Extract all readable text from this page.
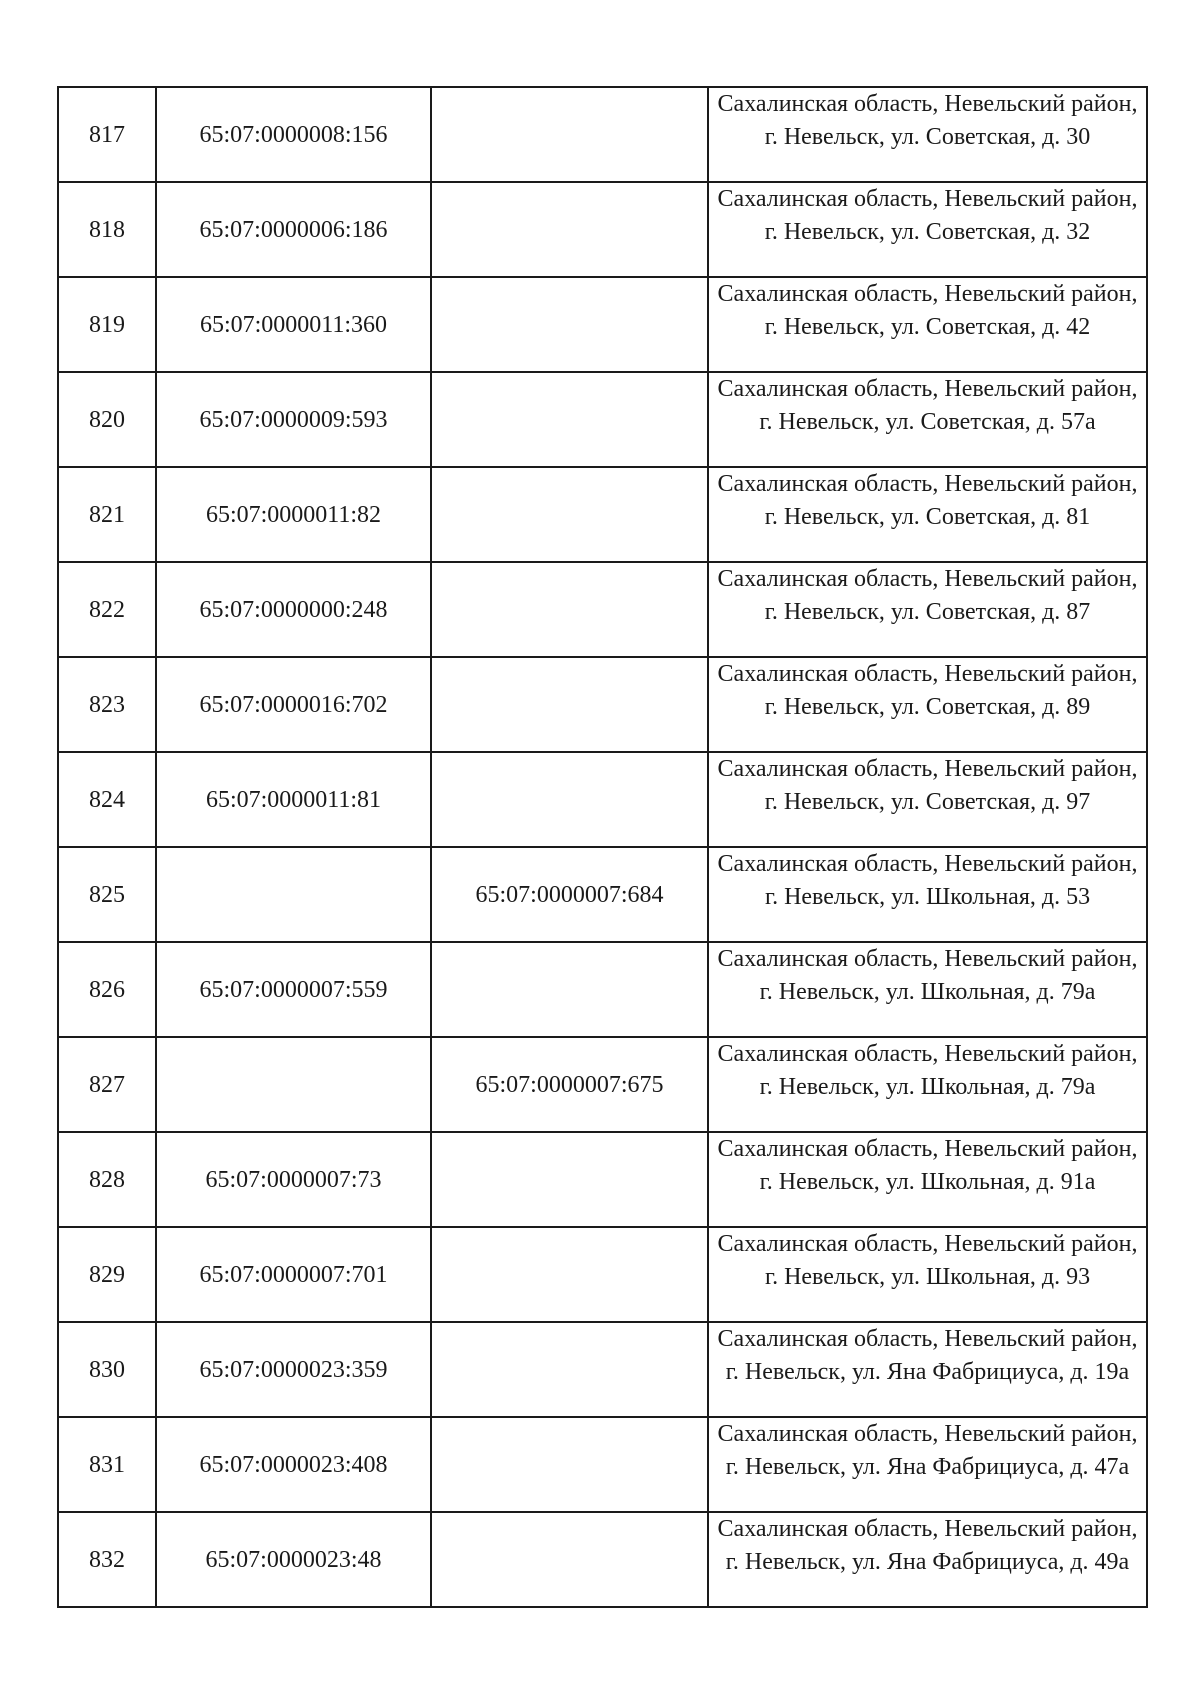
817	65:07:0000008:156		Сахалинская область, Невельский район, г. Невельск, ул. Советская, д. 30
818	65:07:0000006:186		Сахалинская область, Невельский район, г. Невельск, ул. Советская, д. 32
819	65:07:0000011:360		Сахалинская область, Невельский район, г. Невельск, ул. Советская, д. 42
820	65:07:0000009:593		Сахалинская область, Невельский район, г. Невельск, ул. Советская, д. 57а
821	65:07:0000011:82		Сахалинская область, Невельский район, г. Невельск, ул. Советская, д. 81
822	65:07:0000000:248		Сахалинская область, Невельский район, г. Невельск, ул. Советская, д. 87
823	65:07:0000016:702		Сахалинская область, Невельский район, г. Невельск, ул. Советская, д. 89
824	65:07:0000011:81		Сахалинская область, Невельский район, г. Невельск, ул. Советская, д. 97
825		65:07:0000007:684	Сахалинская область, Невельский район, г. Невельск, ул. Школьная, д. 53
826	65:07:0000007:559		Сахалинская область, Невельский район, г. Невельск, ул. Школьная, д. 79а
827		65:07:0000007:675	Сахалинская область, Невельский район, г. Невельск, ул. Школьная, д. 79а
828	65:07:0000007:73		Сахалинская область, Невельский район, г. Невельск, ул. Школьная, д. 91а
829	65:07:0000007:701		Сахалинская область, Невельский район, г. Невельск, ул. Школьная, д. 93
830	65:07:0000023:359		Сахалинская область, Невельский район, г. Невельск, ул. Яна Фабрициуса, д. 19а
831	65:07:0000023:408		Сахалинская область, Невельский район, г. Невельск, ул. Яна Фабрициуса, д. 47а
832	65:07:0000023:48		Сахалинская область, Невельский район, г. Невельск, ул. Яна Фабрициуса, д. 49а
